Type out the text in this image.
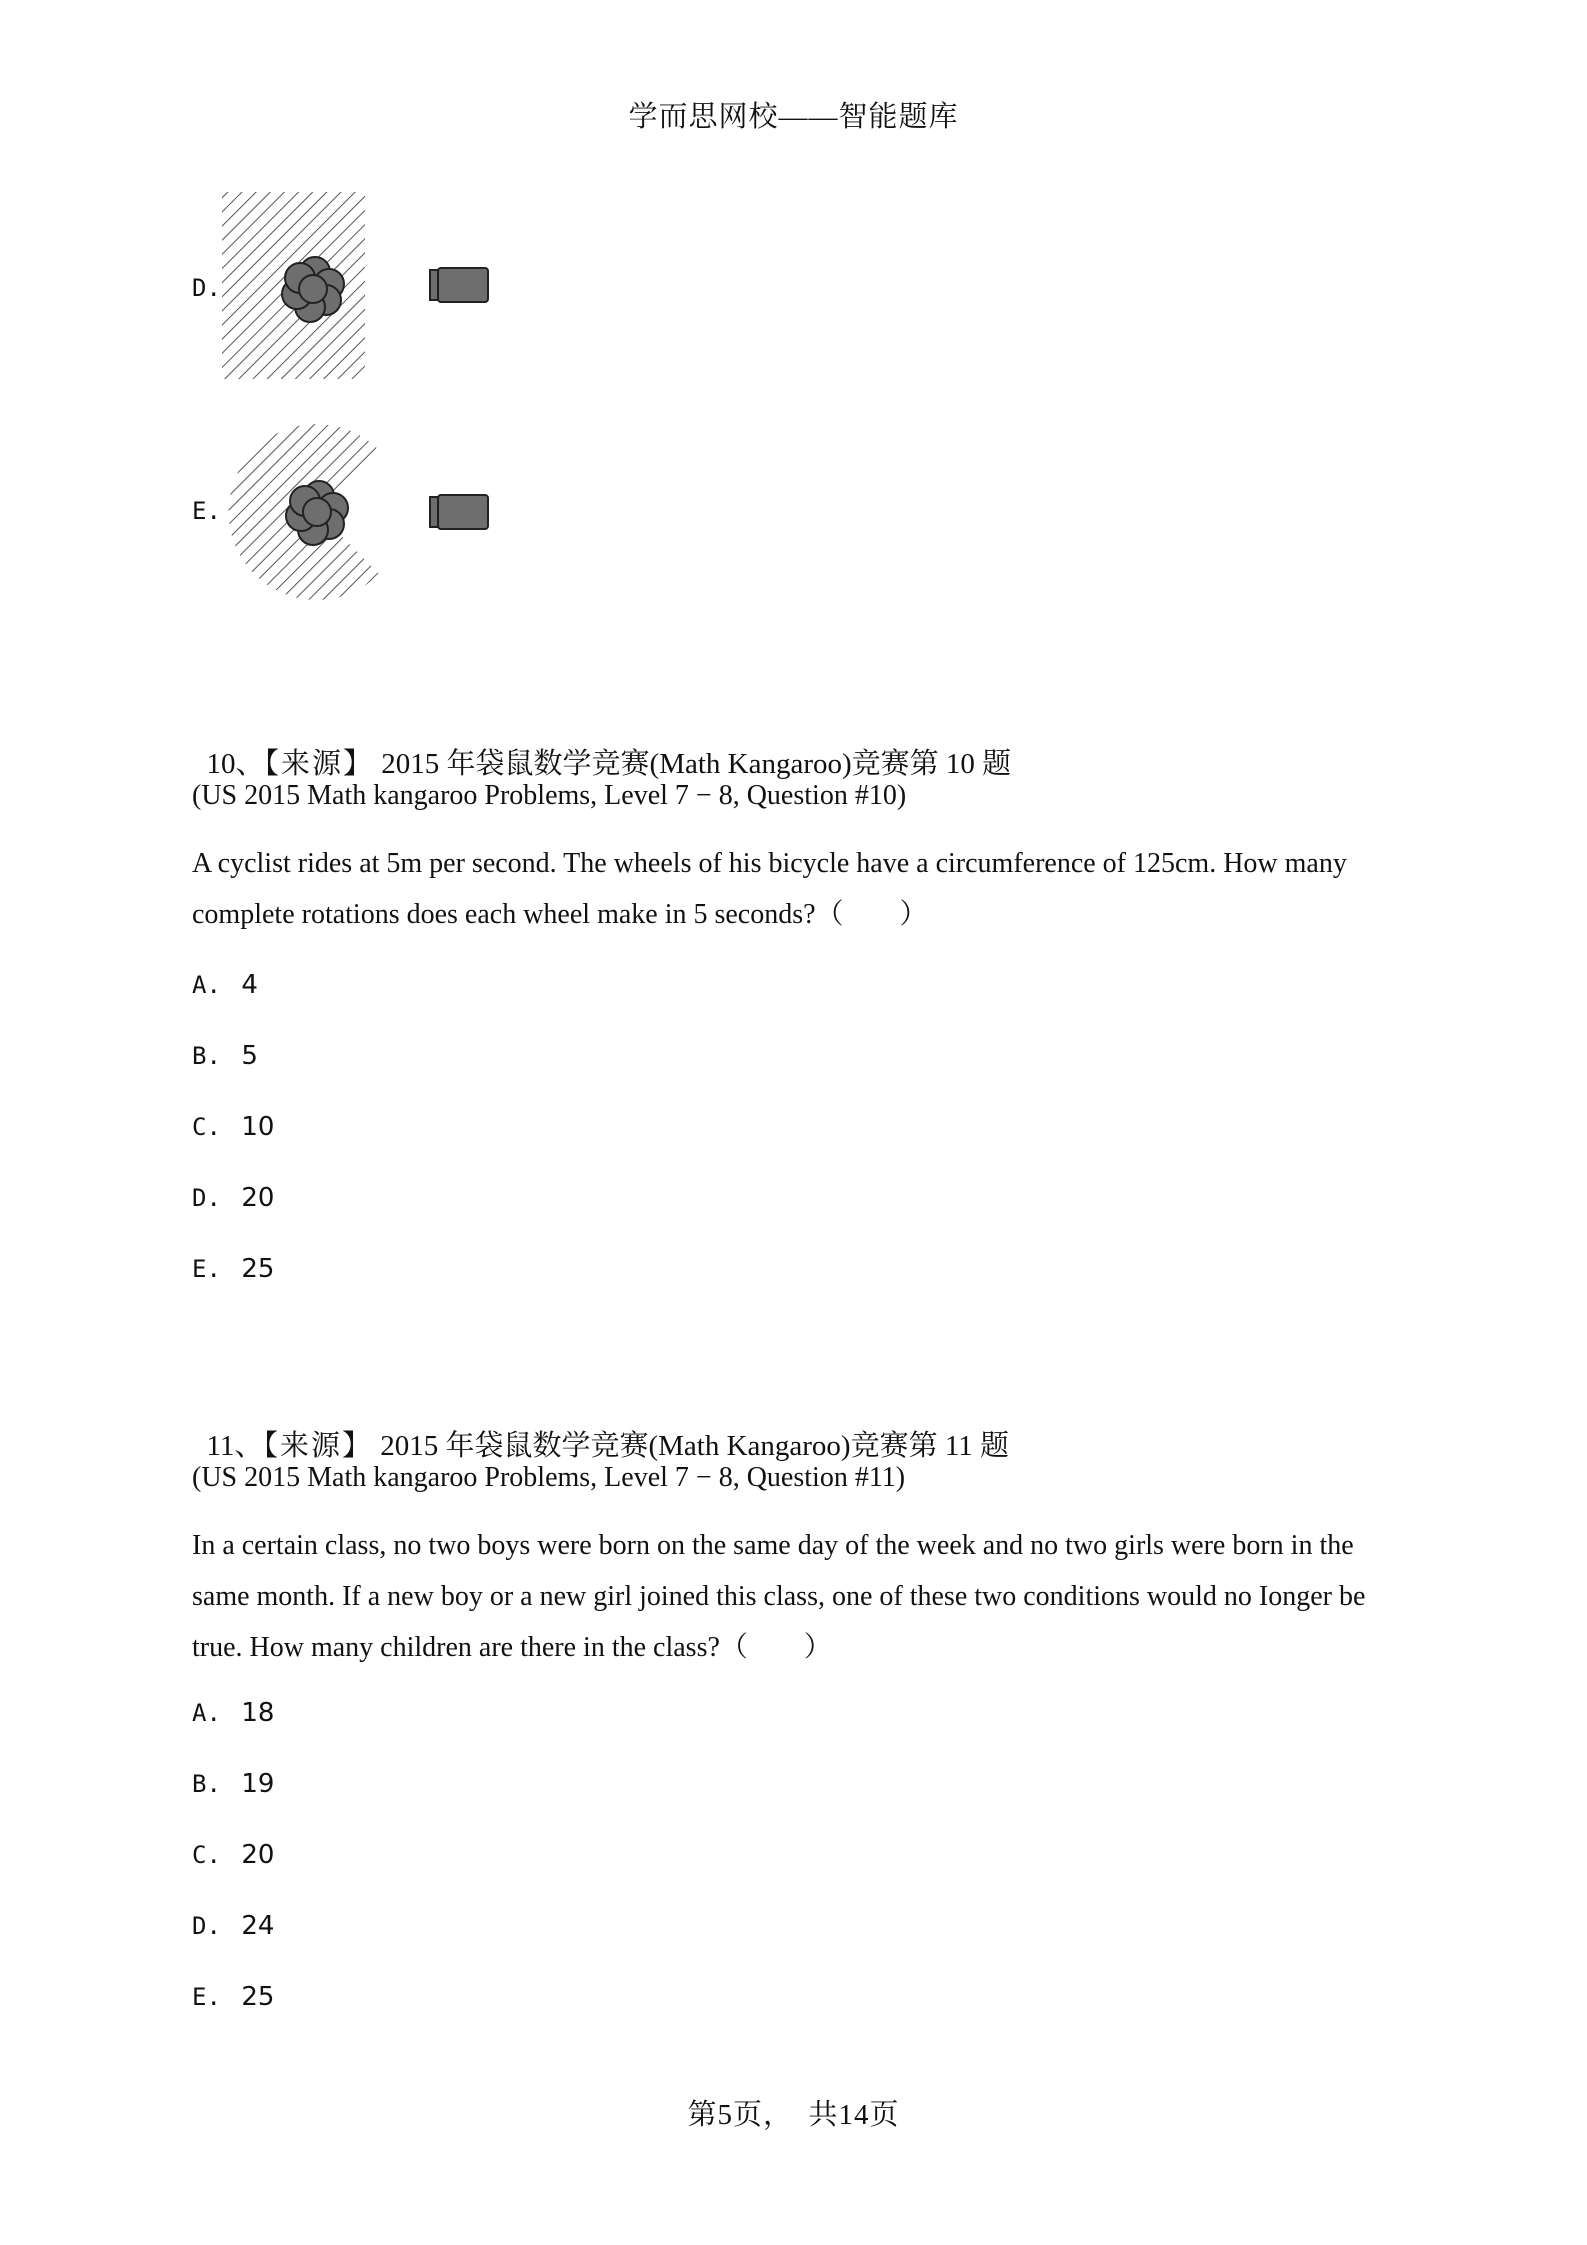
学而思网校——智能题库
D.
E.

10、【来源】 2015 年袋鼠数学竞赛(Math Kangaroo)竞赛第 10 题

(US 2015 Math kangaroo Problems, Level 7 − 8, Question #10)
A cyclist rides at 5m per second. The wheels of his bicycle have a circumference of 125cm. How many
complete rotations does each wheel make in 5 seconds?（　　）
A. 4
B. 5
C. 10
D. 20
E. 25

11、【来源】 2015 年袋鼠数学竞赛(Math Kangaroo)竞赛第 11 题

(US 2015 Math kangaroo Problems, Level 7 − 8, Question #11)
In a certain class, no two boys were born on the same day of the week and no two girls were born in the
same month. If a new boy or a new girl joined this class, one of these two conditions would no Ionger be
true. How many children are there in the class?（　　）
A. 18
B. 19
C. 20
D. 24
E. 25
第5页，　共14页
